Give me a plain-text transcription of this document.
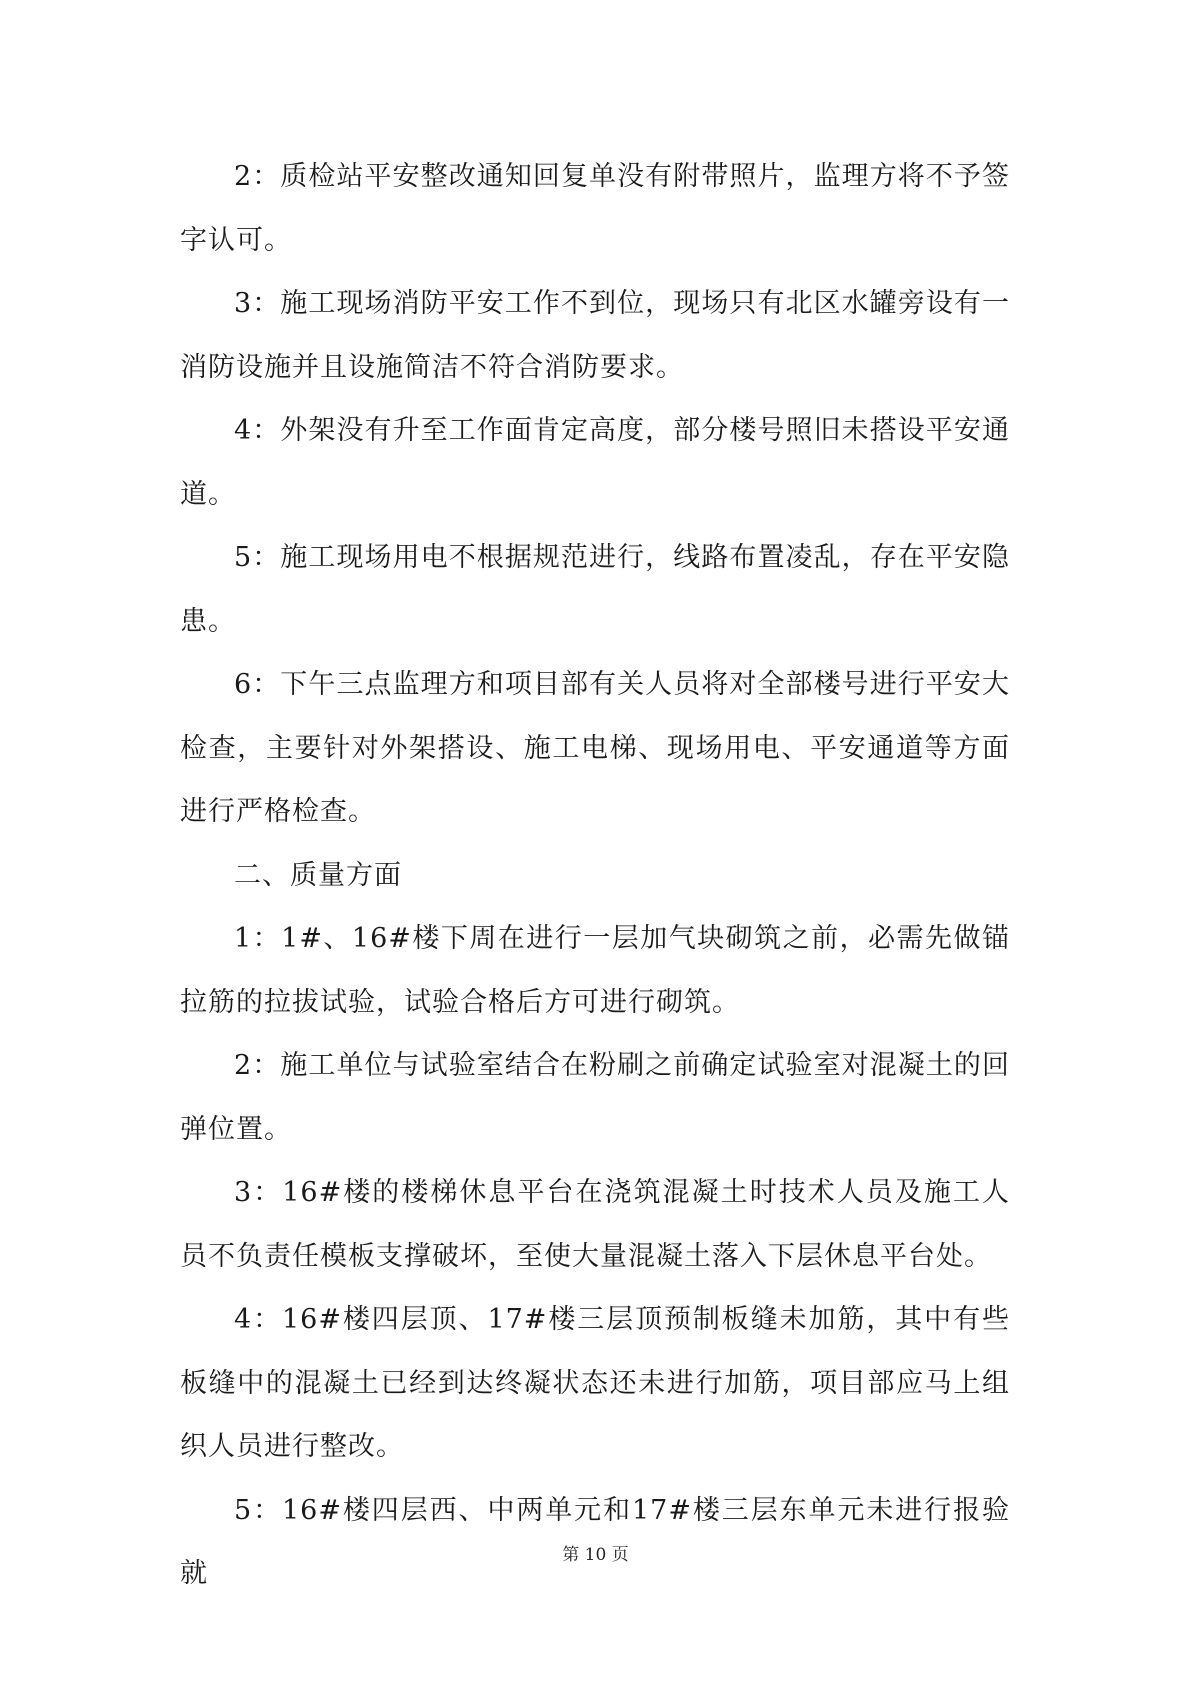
2：质检站平安整改通知回复单没有附带照片，监理方将不予签字认可。

3：施工现场消防平安工作不到位，现场只有北区水罐旁设有一消防设施并且设施简洁不符合消防要求。

4：外架没有升至工作面肯定高度，部分楼号照旧未搭设平安通道。

5：施工现场用电不根据规范进行，线路布置凌乱，存在平安隐患。

6：下午三点监理方和项目部有关人员将对全部楼号进行平安大检查，主要针对外架搭设、施工电梯、现场用电、平安通道等方面进行严格检查。

二、质量方面

1：1#、16#楼下周在进行一层加气块砌筑之前，必需先做锚拉筋的拉拔试验，试验合格后方可进行砌筑。

2：施工单位与试验室结合在粉刷之前确定试验室对混凝土的回弹位置。

3：16#楼的楼梯休息平台在浇筑混凝土时技术人员及施工人员不负责任模板支撑破坏，至使大量混凝土落入下层休息平台处。

4：16#楼四层顶、17#楼三层顶预制板缝未加筋，其中有些板缝中的混凝土已经到达终凝状态还未进行加筋，项目部应马上组织人员进行整改。

5：16#楼四层西、中两单元和17#楼三层东单元未进行报验就

第 10 页
